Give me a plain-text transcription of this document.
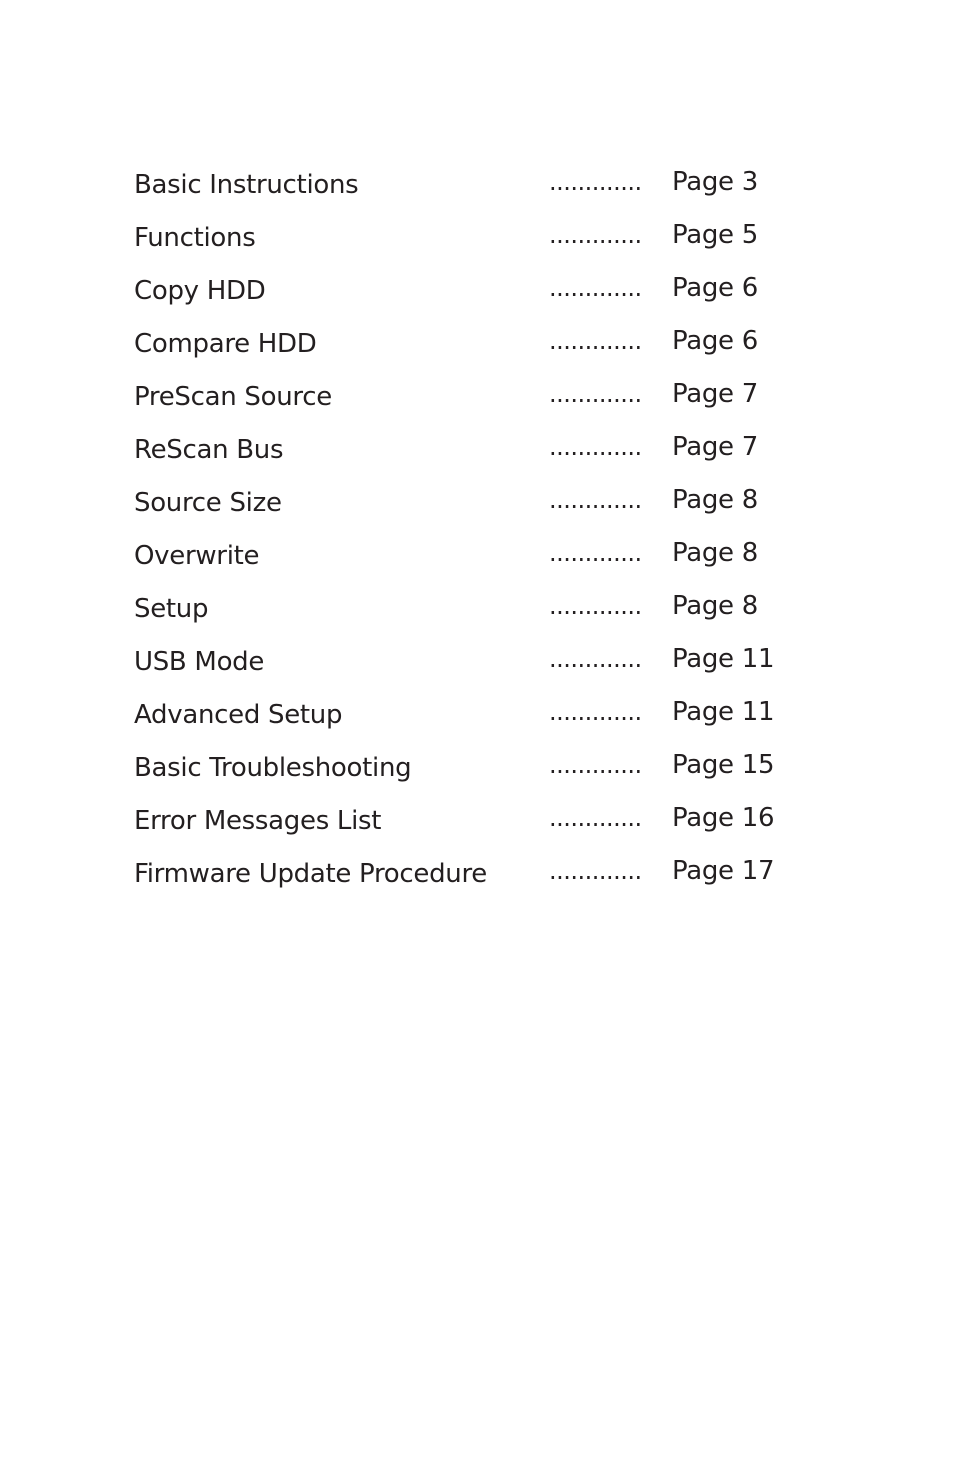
Basic Instructions	............. Page 3
Functions	............. Page 5
Copy HDD	............. Page 6
Compare HDD	............. Page 6
PreScan Source	............. Page 7
ReScan Bus	............. Page 7
Source Size	............. Page 8
Overwrite	............. Page 8
Setup	............. Page 8
USB Mode	............. Page 11
Advanced Setup	............. Page 11
Basic Troubleshooting	............. Page 15
Error Messages List	............. Page 16
Firmware Update Procedure	............. Page 17
